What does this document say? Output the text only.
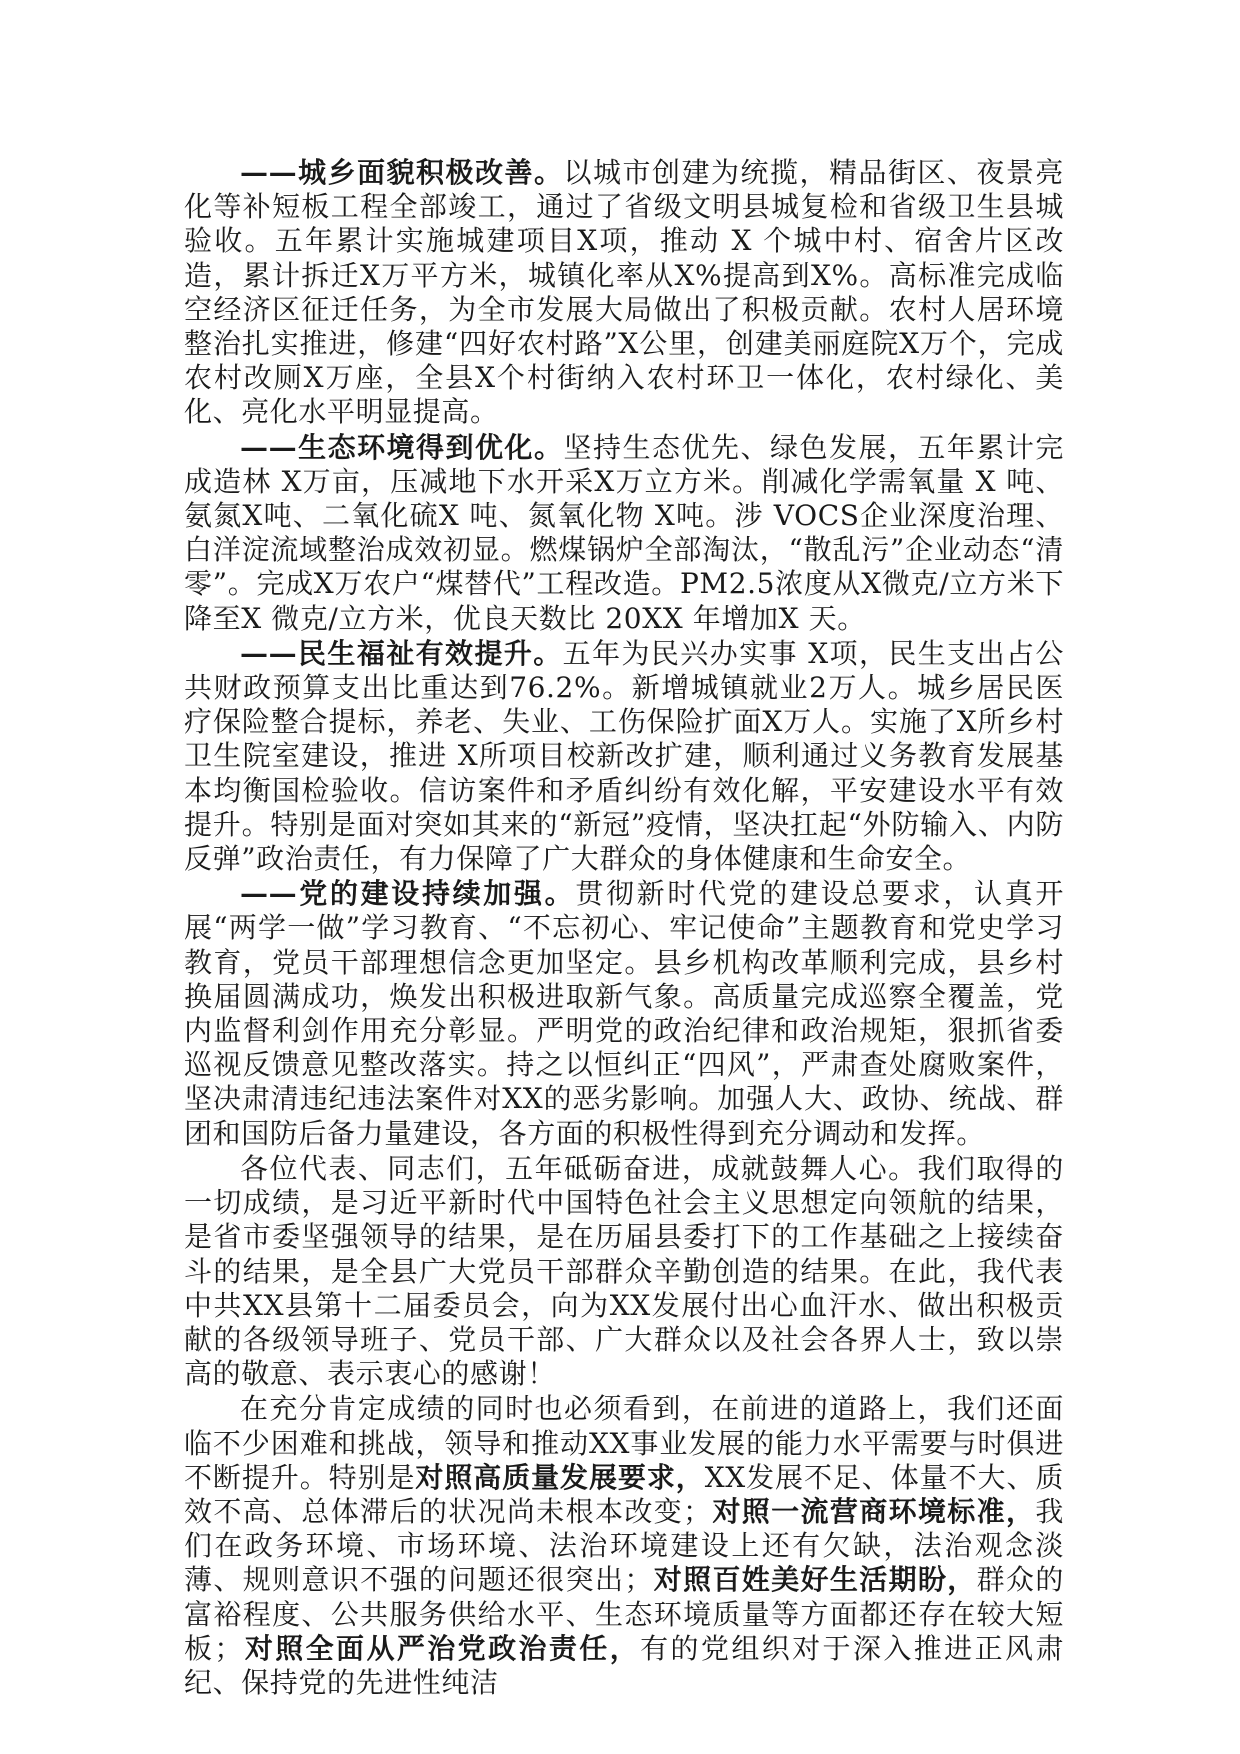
——城乡面貌积极改善。以城市创建为统揽，精品街区、夜景亮化等补短板工程全部竣工，通过了省级文明县城复检和省级卫生县城验收。五年累计实施城建项目X项，推动 X 个城中村、宿舍片区改造，累计拆迁X万平方米，城镇化率从X%提高到X%。高标准完成临空经济区征迁任务，为全市发展大局做出了积极贡献。农村人居环境整治扎实推进，修建“四好农村路”X公里，创建美丽庭院X万个，完成农村改厕X万座，全县X个村街纳入农村环卫一体化，农村绿化、美化、亮化水平明显提高。

——生态环境得到优化。坚持生态优先、绿色发展，五年累计完成造林 X万亩，压减地下水开采X万立方米。削减化学需氧量 X 吨、氨氮X吨、二氧化硫X 吨、氮氧化物 X吨。涉 VOCS企业深度治理、白洋淀流域整治成效初显。燃煤锅炉全部淘汰，“散乱污”企业动态“清零”。完成X万农户“煤替代”工程改造。PM2.5浓度从X微克/立方米下降至X 微克/立方米，优良天数比 20XX 年增加X 天。

——民生福祉有效提升。五年为民兴办实事 X项，民生支出占公共财政预算支出比重达到76.2%。新增城镇就业2万人。城乡居民医疗保险整合提标，养老、失业、工伤保险扩面X万人。实施了X所乡村卫生院室建设，推进 X所项目校新改扩建，顺利通过义务教育发展基本均衡国检验收。信访案件和矛盾纠纷有效化解，平安建设水平有效提升。特别是面对突如其来的“新冠”疫情，坚决扛起“外防输入、内防反弹”政治责任，有力保障了广大群众的身体健康和生命安全。

——党的建设持续加强。贯彻新时代党的建设总要求，认真开展“两学一做”学习教育、“不忘初心、牢记使命”主题教育和党史学习教育，党员干部理想信念更加坚定。县乡机构改革顺利完成，县乡村换届圆满成功，焕发出积极进取新气象。高质量完成巡察全覆盖，党内监督利剑作用充分彰显。严明党的政治纪律和政治规矩，狠抓省委巡视反馈意见整改落实。持之以恒纠正“四风”，严肃查处腐败案件，坚决肃清违纪违法案件对XX的恶劣影响。加强人大、政协、统战、群团和国防后备力量建设，各方面的积极性得到充分调动和发挥。

各位代表、同志们，五年砥砺奋进，成就鼓舞人心。我们取得的一切成绩，是习近平新时代中国特色社会主义思想定向领航的结果，是省市委坚强领导的结果，是在历届县委打下的工作基础之上接续奋斗的结果，是全县广大党员干部群众辛勤创造的结果。在此，我代表中共XX县第十二届委员会，向为XX发展付出心血汗水、做出积极贡献的各级领导班子、党员干部、广大群众以及社会各界人士，致以崇高的敬意、表示衷心的感谢！

在充分肯定成绩的同时也必须看到，在前进的道路上，我们还面临不少困难和挑战，领导和推动XX事业发展的能力水平需要与时俱进不断提升。特别是对照高质量发展要求，XX发展不足、体量不大、质效不高、总体滞后的状况尚未根本改变；对照一流营商环境标准，我们在政务环境、市场环境、法治环境建设上还有欠缺，法治观念淡薄、规则意识不强的问题还很突出；对照百姓美好生活期盼，群众的富裕程度、公共服务供给水平、生态环境质量等方面都还存在较大短板；对照全面从严治党政治责任，有的党组织对于深入推进正风肃纪、保持党的先进性纯洁
